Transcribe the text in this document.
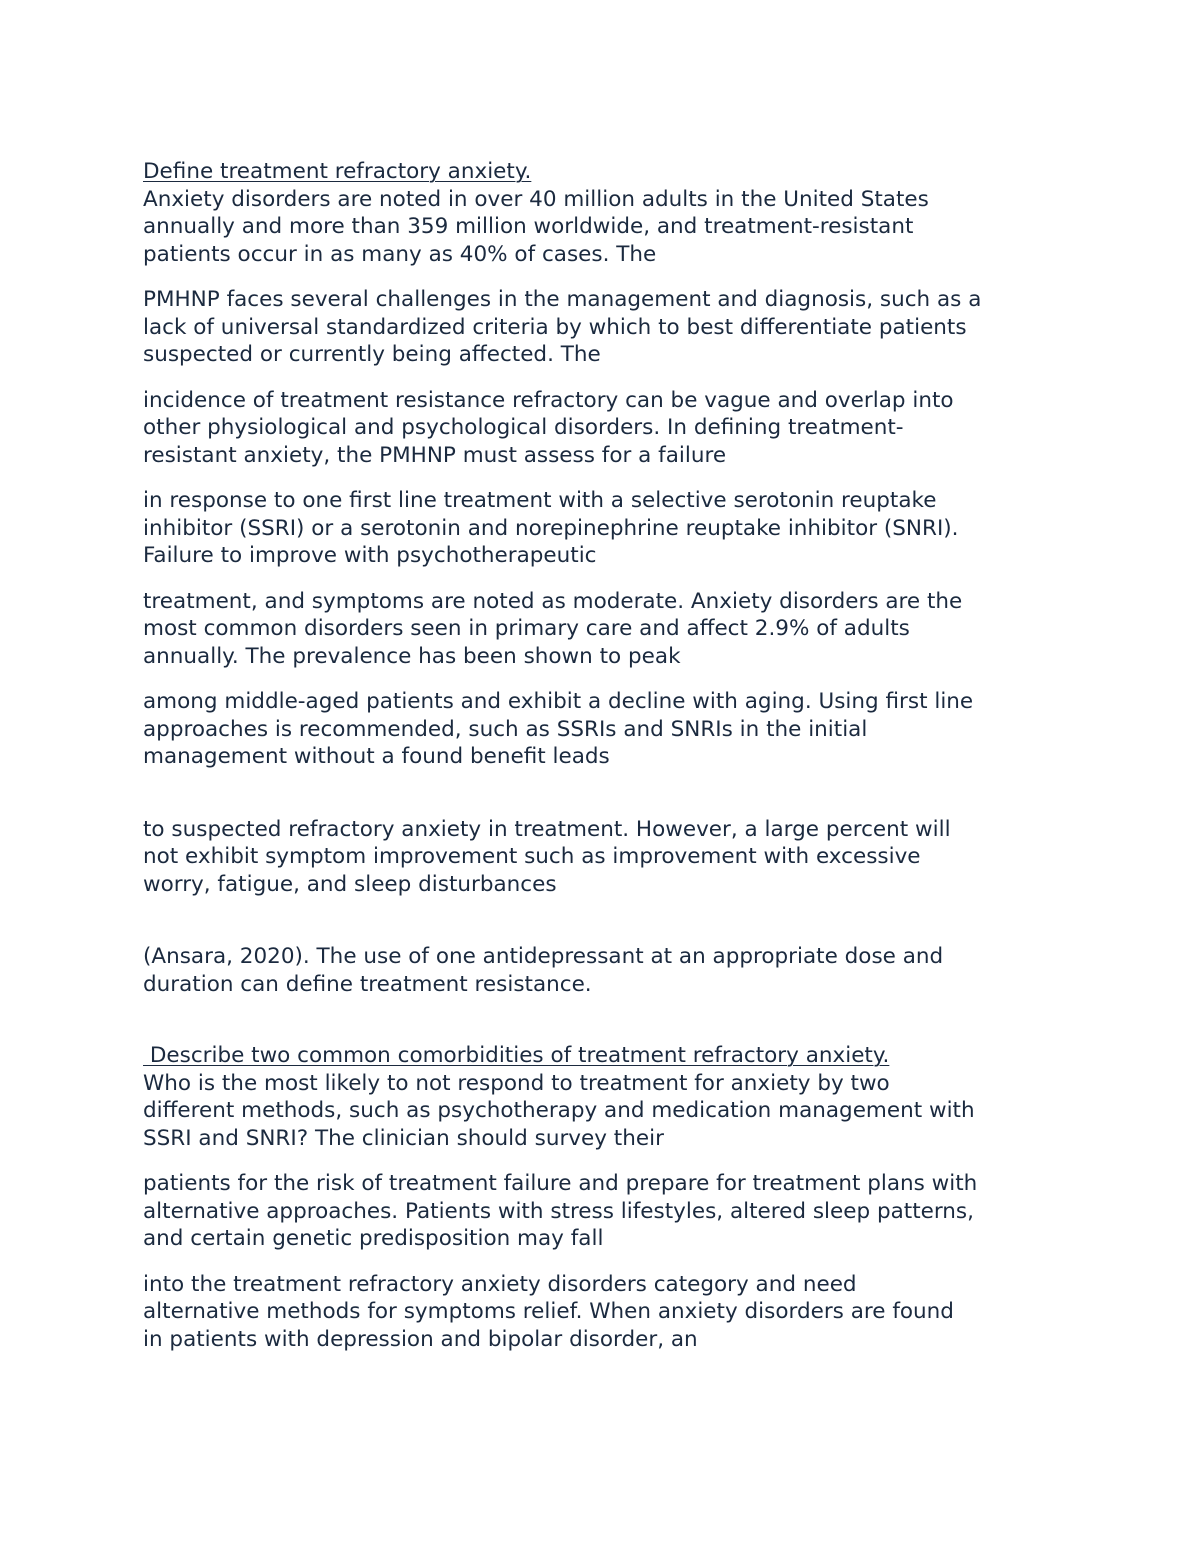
Define treatment refractory anxiety.

Anxiety disorders are noted in over 40 million adults in the United States

annually and more than 359 million worldwide, and treatment-resistant

patients occur in as many as 40% of cases. The

PMHNP faces several challenges in the management and diagnosis, such as a

lack of universal standardized criteria by which to best differentiate patients

suspected or currently being affected. The

incidence of treatment resistance refractory can be vague and overlap into

other physiological and psychological disorders. In defining treatment-

resistant anxiety, the PMHNP must assess for a failure

in response to one first line treatment with a selective serotonin reuptake

inhibitor (SSRI) or a serotonin and norepinephrine reuptake inhibitor (SNRI).

Failure to improve with psychotherapeutic

treatment, and symptoms are noted as moderate. Anxiety disorders are the

most common disorders seen in primary care and affect 2.9% of adults

annually. The prevalence has been shown to peak

among middle-aged patients and exhibit a decline with aging. Using first line

approaches is recommended, such as SSRIs and SNRIs in the initial

management without a found benefit leads

to suspected refractory anxiety in treatment. However, a large percent will

not exhibit symptom improvement such as improvement with excessive

worry, fatigue, and sleep disturbances

(Ansara, 2020). The use of one antidepressant at an appropriate dose and

duration can define treatment resistance.

Describe two common comorbidities of treatment refractory anxiety.

Who is the most likely to not respond to treatment for anxiety by two

different methods, such as psychotherapy and medication management with

SSRI and SNRI? The clinician should survey their

patients for the risk of treatment failure and prepare for treatment plans with

alternative approaches. Patients with stress lifestyles, altered sleep patterns,

and certain genetic predisposition may fall

into the treatment refractory anxiety disorders category and need

alternative methods for symptoms relief. When anxiety disorders are found

in patients with depression and bipolar disorder, an
